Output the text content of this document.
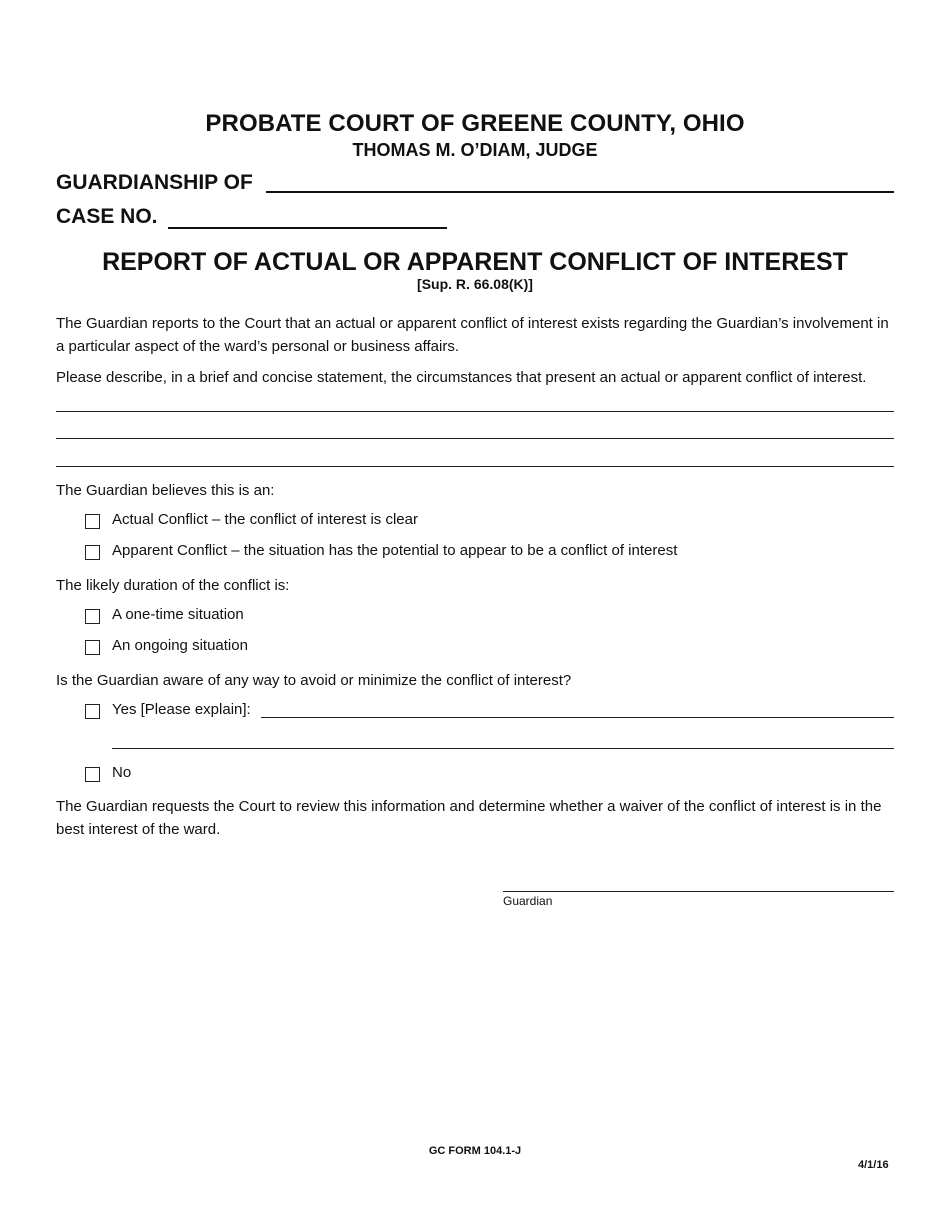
PROBATE COURT OF GREENE COUNTY, OHIO
THOMAS M. O’DIAM, JUDGE
GUARDIANSHIP OF
CASE NO.
REPORT OF ACTUAL OR APPARENT CONFLICT OF INTEREST
[Sup. R. 66.08(K)]
The Guardian reports to the Court that an actual or apparent conflict of interest exists regarding the Guardian’s involvement in a particular aspect of the ward’s personal or business affairs.
Please describe, in a brief and concise statement, the circumstances that present an actual or apparent conflict of interest.
The Guardian believes this is an:
Actual Conflict – the conflict of interest is clear
Apparent Conflict – the situation has the potential to appear to be a conflict of interest
The likely duration of the conflict is:
A one-time situation
An ongoing situation
Is the Guardian aware of any way to avoid or minimize the conflict of interest?
Yes [Please explain]:
No
The Guardian requests the Court to review this information and determine whether a waiver of the conflict of interest is in the best interest of the ward.
Guardian
GC FORM 104.1-J
4/1/16
